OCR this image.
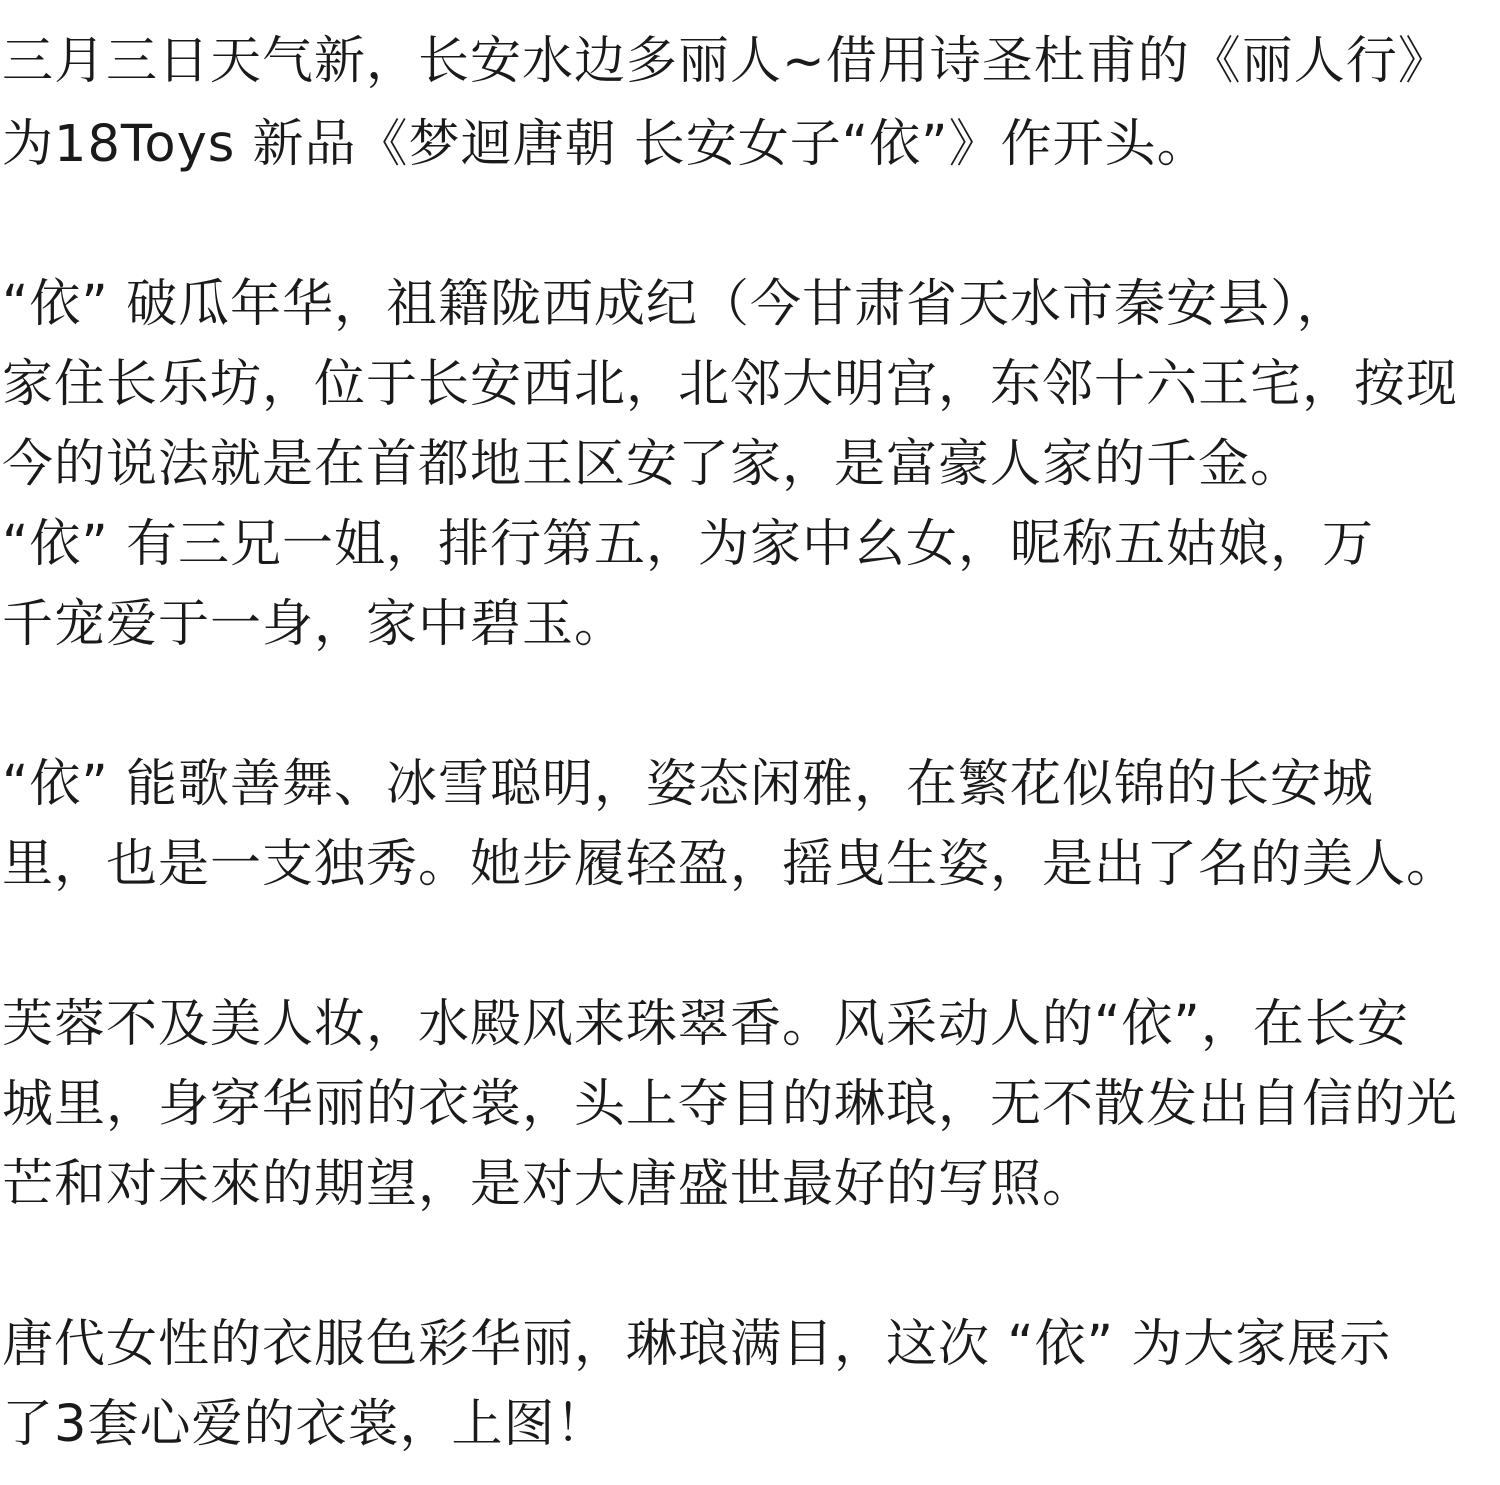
三月三日天气新，长安水边多丽人~借用诗圣杜甫的《丽人行》
为18Toys 新品《梦迴唐朝 长安女子“依”》作开头。
“依” 破瓜年华，祖籍陇西成纪（今甘肃省天水市秦安县），
家住长乐坊，位于长安西北，北邻大明宫，东邻十六王宅，按现
今的说法就是在首都地王区安了家，是富豪人家的千金。
“依” 有三兄一姐，排行第五，为家中幺女，昵称五姑娘，万
千宠爱于一身，家中碧玉。
“依” 能歌善舞、冰雪聪明，姿态闲雅，在繁花似锦的长安城
里，也是一支独秀。她步履轻盈，摇曳生姿，是出了名的美人。
芙蓉不及美人妆，水殿风来珠翠香。风采动人的“依”，在长安
城里，身穿华丽的衣裳，头上夺目的琳琅，无不散发出自信的光
芒和对未來的期望，是对大唐盛世最好的写照。
唐代女性的衣服色彩华丽，琳琅满目，这次 “依” 为大家展示
了3套心爱的衣裳，上图！
